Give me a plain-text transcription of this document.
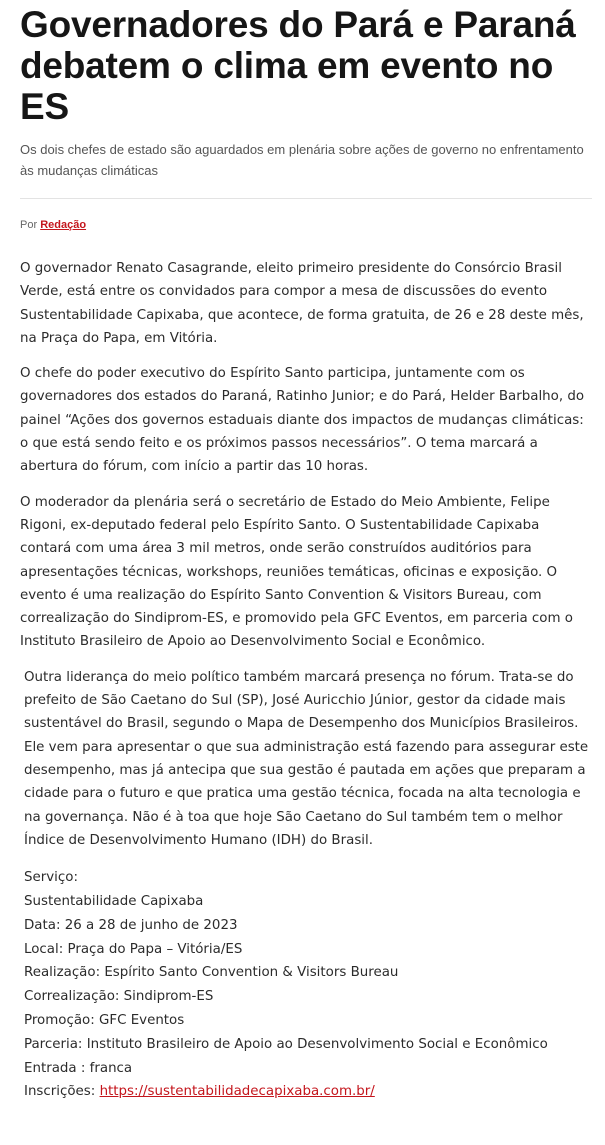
Governadores do Pará e Paraná debatem o clima em evento no ES

Os dois chefes de estado são aguardados em plenária sobre ações de governo no enfrentamento às mudanças climáticas

Por Redação

O governador Renato Casagrande, eleito primeiro presidente do Consórcio Brasil Verde, está entre os convidados para compor a mesa de discussões do evento Sustentabilidade Capixaba, que acontece, de forma gratuita, de 26 e 28 deste mês, na Praça do Papa, em Vitória.

O chefe do poder executivo do Espírito Santo participa, juntamente com os governadores dos estados do Paraná, Ratinho Junior; e do Pará, Helder Barbalho, do painel “Ações dos governos estaduais diante dos impactos de mudanças climáticas: o que está sendo feito e os próximos passos necessários”. O tema marcará a abertura do fórum, com início a partir das 10 horas.

O moderador da plenária será o secretário de Estado do Meio Ambiente, Felipe Rigoni, ex-deputado federal pelo Espírito Santo. O Sustentabilidade Capixaba contará com uma área 3 mil metros, onde serão construídos auditórios para apresentações técnicas, workshops, reuniões temáticas, oficinas e exposição. O evento é uma realização do Espírito Santo Convention & Visitors Bureau, com correalização do Sindiprom-ES, e promovido pela GFC Eventos, em parceria com o Instituto Brasileiro de Apoio ao Desenvolvimento Social e Econômico.

Outra liderança do meio político também marcará presença no fórum. Trata-se do prefeito de São Caetano do Sul (SP), José Auricchio Júnior, gestor da cidade mais sustentável do Brasil, segundo o Mapa de Desempenho dos Municípios Brasileiros. Ele vem para apresentar o que sua administração está fazendo para assegurar este desempenho, mas já antecipa que sua gestão é pautada em ações que preparam a cidade para o futuro e que pratica uma gestão técnica, focada na alta tecnologia e na governança. Não é à toa que hoje São Caetano do Sul também tem o melhor Índice de Desenvolvimento Humano (IDH) do Brasil.

Serviço:
Sustentabilidade Capixaba
Data: 26 a 28 de junho de 2023
Local: Praça do Papa – Vitória/ES
Realização: Espírito Santo Convention & Visitors Bureau
Correalização: Sindiprom-ES
Promoção: GFC Eventos
Parceria: Instituto Brasileiro de Apoio ao Desenvolvimento Social e Econômico
Entrada : franca
Inscrições: https://sustentabilidadecapixaba.com.br/
